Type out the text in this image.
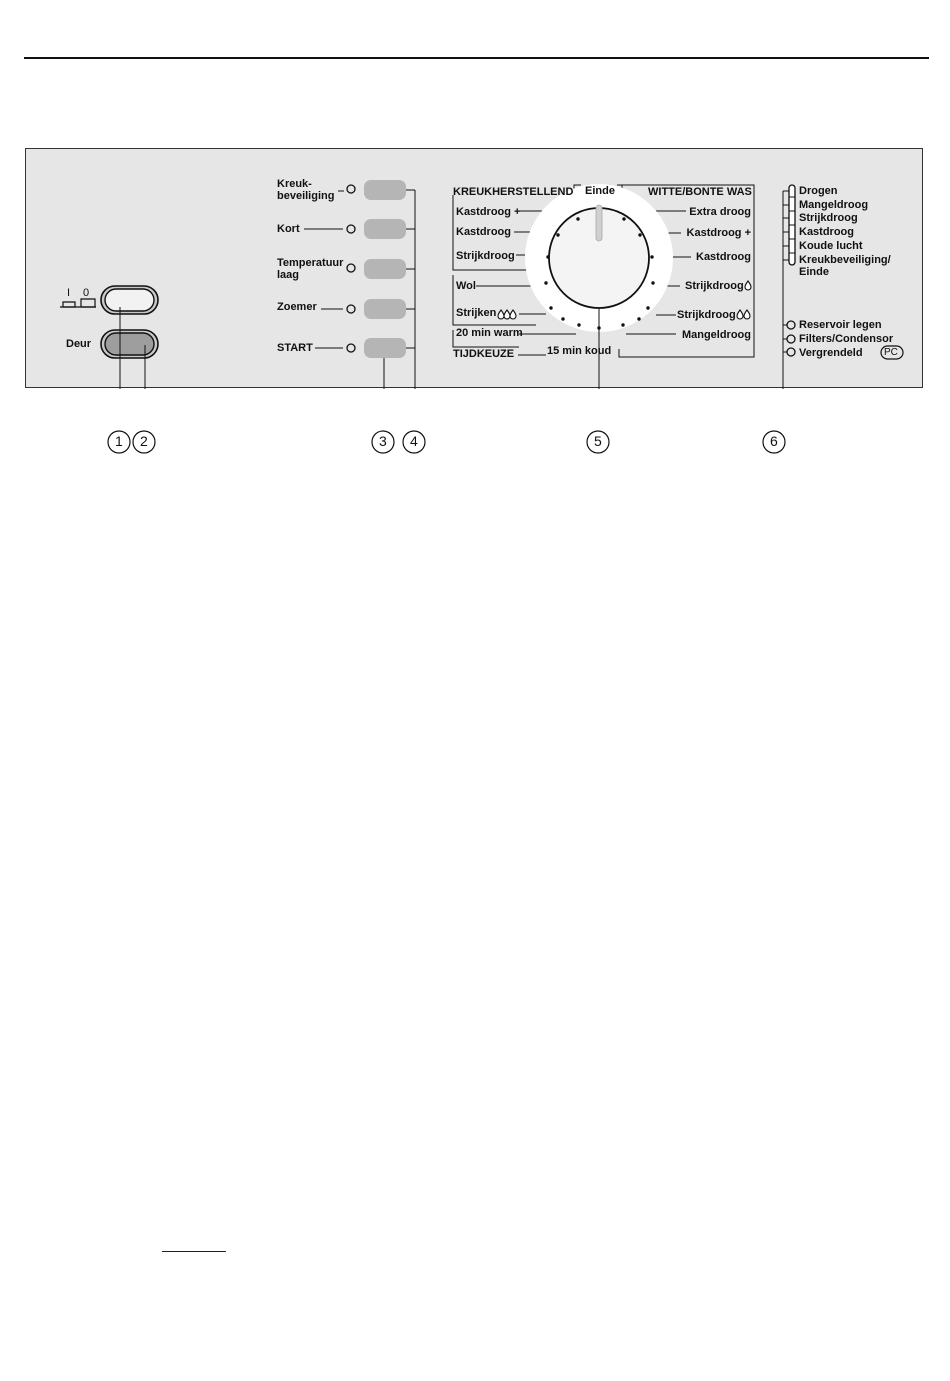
I 0
Deur
Kreuk-
beveiliging
Kort
Temperatuur
laag
Zoemer
START
KREUKHERSTELLEND Einde	WITTE/BONTE WAS
Kastdroog +
Kastdroog
Strijkdroog
Wol
Strijken
20 min warm
TIJDKEUZE	15 min koud
Extra droog
Kastdroog +
Kastdroog
Strijkdroog
Strijkdroog
Mangeldroog
Drogen
Mangeldroog
Strijkdroog
Kastdroog
Koude lucht
Kreukbeveiliging/
Einde
Reservoir legen
Filters/Condensor
Vergrendeld PC
1 2	3 4	5	6
